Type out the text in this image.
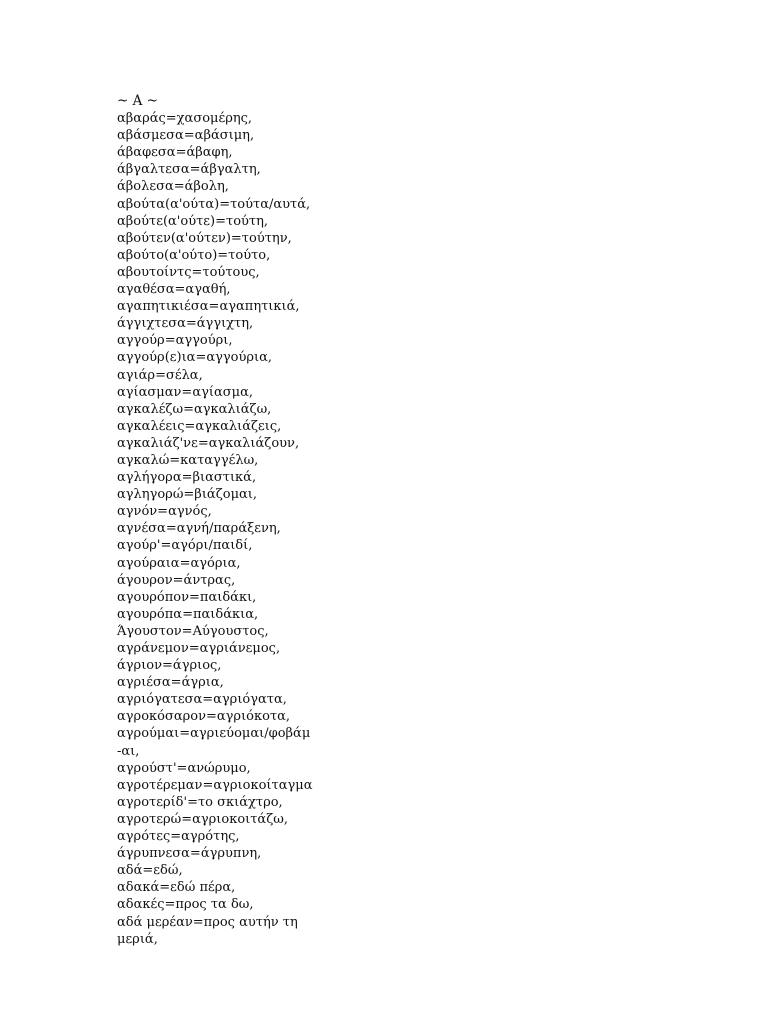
~ Α ~
αβαράς=χασομέρης,
αβάσμεσα=αβάσιμη,
άβαφεσα=άβαφη,
άβγαλτεσα=άβγαλτη,
άβολεσα=άβολη,
αβούτα(α'ούτα)=τούτα/αυτά,
αβούτε(α'ούτε)=τούτη,
αβούτεν(α'ούτεν)=τούτην,
αβούτο(α'ούτο)=τούτο,
αβουτοίντς=τούτους,
αγαθέσα=αγαθή,
αγαπητικιέσα=αγαπητικιά,
άγγιχτεσα=άγγιχτη,
αγγούρ=αγγούρι,
αγγούρ(ε)ια=αγγούρια,
αγιάρ=σέλα,
αγίασμαν=αγίασμα,
αγκαλέζω=αγκαλιάζω,
αγκαλέεις=αγκαλιάζεις,
αγκαλιάζ'νε=αγκαλιάζουν,
αγκαλώ=καταγγέλω,
αγλήγορα=βιαστικά,
αγληγορώ=βιάζομαι,
αγνόν=αγνός,
αγνέσα=αγνή/παράξενη,
αγούρ'=αγόρι/παιδί,
αγούραια=αγόρια,
άγουρον=άντρας,
αγουρόπον=παιδάκι,
αγουρόπα=παιδάκια,
Άγουστον=Αύγουστος,
αγράνεμον=αγριάνεμος,
άγριον=άγριος,
αγριέσα=άγρια,
αγριόγατεσα=αγριόγατα,
αγροκόσαρον=αγριόκοτα,
αγρούμαι=αγριεύομαι/φοβάμ
-αι,
αγρούστ'=ανώρυμο,
αγροτέρεμαν=αγριοκοίταγμα
αγροτερίδ'=το σκιάχτρο,
αγροτερώ=αγριοκοιτάζω,
αγρότες=αγρότης,
άγρυπνεσα=άγρυπνη,
αδά=εδώ,
αδακά=εδώ πέρα,
αδακές=προς τα δω,
αδά μερέαν=προς αυτήν τη
μεριά,
